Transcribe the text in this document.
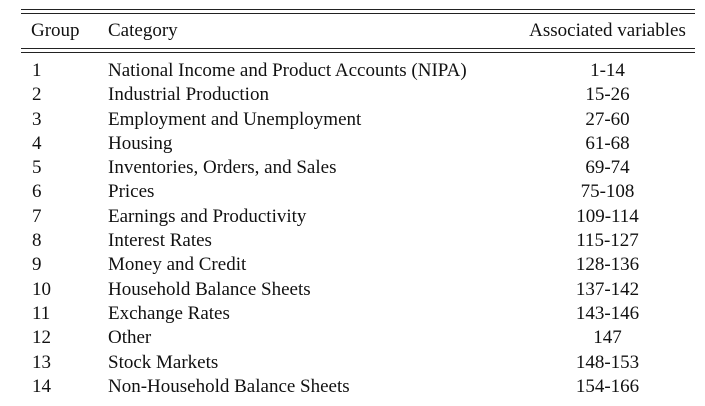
Group	Category	Associated variables
1	National Income and Product Accounts (NIPA)	1-14
2	Industrial Production	15-26
3	Employment and Unemployment	27-60
4	Housing	61-68
5	Inventories, Orders, and Sales	69-74
6	Prices	75-108
7	Earnings and Productivity	109-114
8	Interest Rates	115-127
9	Money and Credit	128-136
10	Household Balance Sheets	137-142
11	Exchange Rates	143-146
12	Other	147
13	Stock Markets	148-153
14	Non-Household Balance Sheets	154-166
